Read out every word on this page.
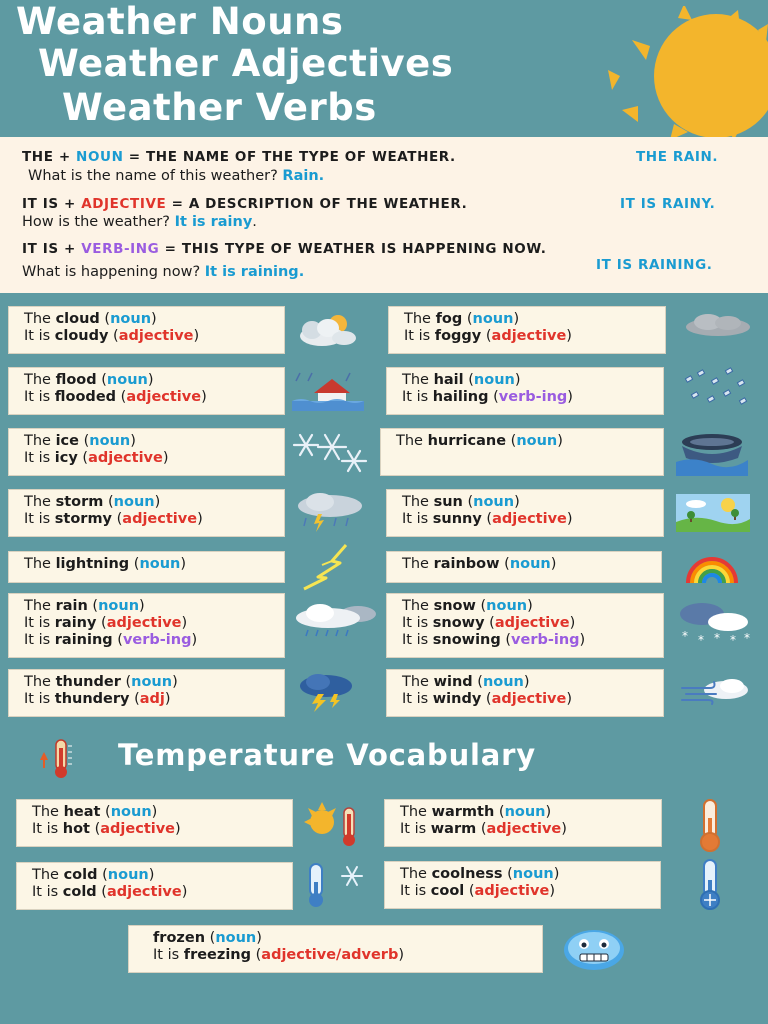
Weather Nouns
Weather Adjectives
Weather Verbs
THE + NOUN = THE NAME OF THE TYPE OF WEATHER.	THE RAIN.
What is the name of this weather? Rain.
IT IS + ADJECTIVE = A DESCRIPTION OF THE WEATHER.	IT IS RAINY.
How is the weather? It is rainy.
IT IS + VERB-ING = THIS TYPE OF WEATHER IS HAPPENING NOW.
IT IS RAINING.
What is happening now? It is raining.
The cloud (noun)
It is cloudy (adjective)
The fog (noun)
It is foggy (adjective)
The flood (noun)
It is flooded (adjective)
The hail (noun)
It is hailing (verb-ing)
The ice (noun)
It is icy (adjective)
The hurricane (noun)
The storm (noun)
It is stormy (adjective)
The sun (noun)
It is sunny (adjective)
The lightning (noun)	The rainbow (noun)
The rain (noun)
It is rainy (adjective)
It is raining (verb-ing)
The snow (noun)
It is snowy (adjective)
It is snowing (verb-ing)
The thunder (noun)
It is thundery (adj)
The wind (noun)
It is windy (adjective)
* * * * *
Temperature Vocabulary
The heat (noun)
It is hot (adjective)
The warmth (noun)
It is warm (adjective)
The cold (noun)
It is cold (adjective)
The coolness (noun)
It is cool (adjective)
frozen (noun)
It is freezing (adjective/adverb)
